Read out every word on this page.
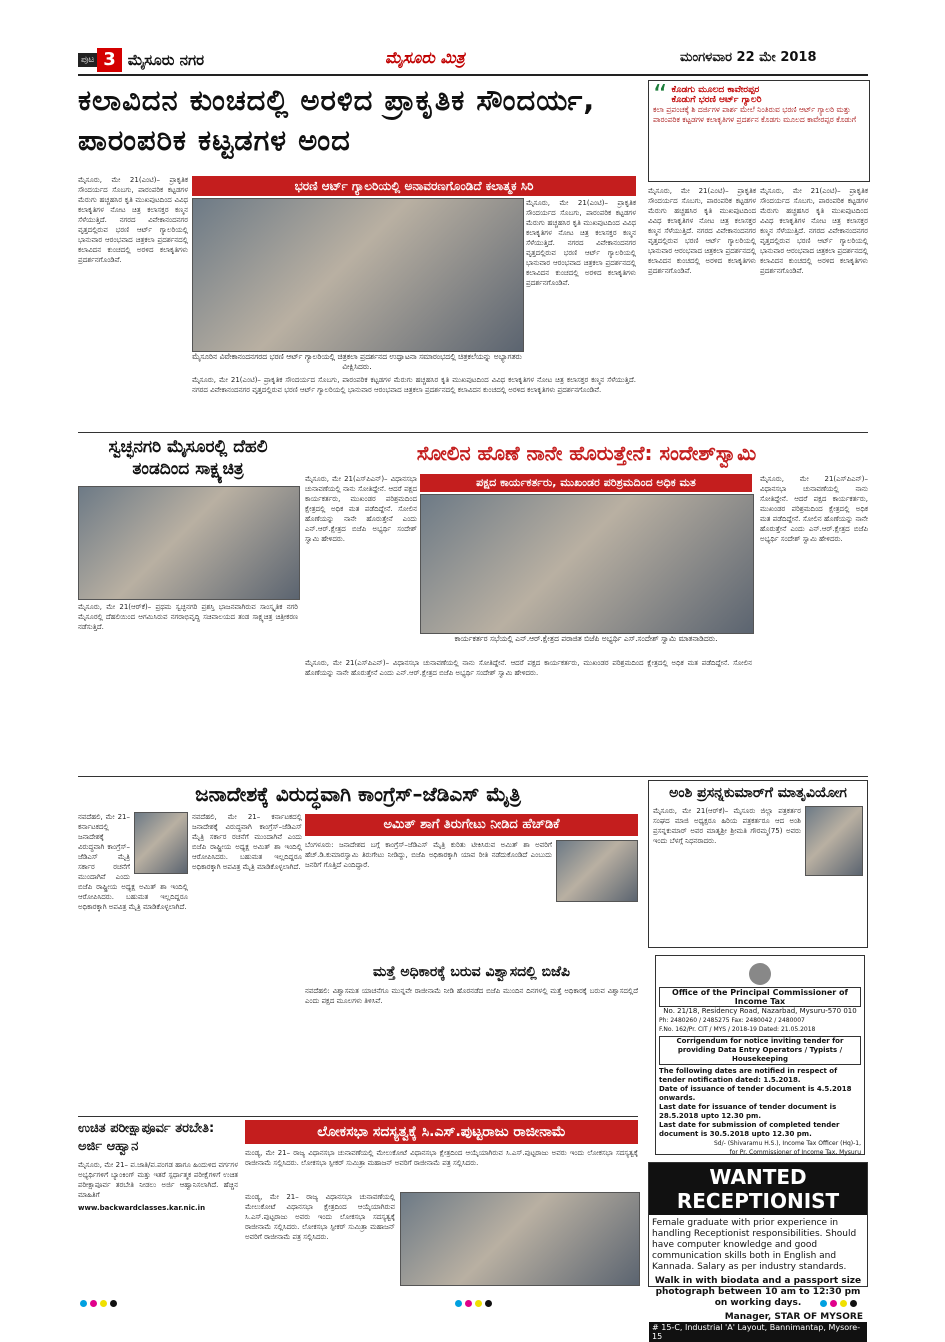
ಪುಟ 3 ಮೈಸೂರು ನಗರ	ಮೈಸೂರು ಮಿತ್ರ	ಮಂಗಳವಾರ 22 ಮೇ 2018
ಕಲಾವಿದನ ಕುಂಚದಲ್ಲಿ ಅರಳಿದ ಪ್ರಾಕೃತಿಕ ಸೌಂದರ್ಯ, ಪಾರಂಪರಿಕ ಕಟ್ಟಡಗಳ ಅಂದ
“ ಕೊಡಗು ಮೂಲದ ಕಾವೇರಪ್ಪರ
ಕೊಡುಗೆ ಭರಣಿ ಆರ್ಟ್ ಗ್ಯಾಲರಿ
ಕಲಾ ಪ್ರಪಂಚಕ್ಕೆ ಶಿ ದರ್ಜಿಗಳ ಪಾರ್ಶ ಮೇಲೆ ನಿಂತಿರುವ ಭರಣಿ ಆರ್ಟ್ ಗ್ಯಾಲರಿ ಮತ್ತು ಪಾರಂಪರಿಕ ಕಟ್ಟಡಗಳ ಕಲಾಕೃತಿಗಳ ಪ್ರದರ್ಶನ ಕೊಡಗು ಮೂಲದ ಕಾವೇರಪ್ಪರ ಕೊಡುಗೆ

ಮೈಸೂರು, ಮೇ 21(ಎಂಟಿ)– ಪ್ರಾಕೃತಿಕ ಸೌಂದರ್ಯದ ಸೊಬಗು, ಪಾರಂಪರಿಕ ಕಟ್ಟಡಗಳ ಮೆರುಗು ಹಚ್ಚಹಸಿರ ಕೃತಿ ಮುಖಪುಟದಿಂದ ವಿವಿಧ ಕಲಾಕೃತಿಗಳ ನೋಟ ಚಿತ್ರ ಕಲಾಸಕ್ತರ ಕಣ್ಮನ ಸೆಳೆಯುತ್ತಿದೆ. ನಗರದ ವಿವೇಕಾನಂದನಗರ ವೃತ್ತದಲ್ಲಿರುವ ಭರಣಿ ಆರ್ಟ್ ಗ್ಯಾಲರಿಯಲ್ಲಿ ಭಾನುವಾರ ಆರಂಭವಾದ ಚಿತ್ರಕಲಾ ಪ್ರದರ್ಶನದಲ್ಲಿ ಕಲಾವಿದನ ಕುಂಚದಲ್ಲಿ ಅರಳಿದ ಕಲಾಕೃತಿಗಳು ಪ್ರದರ್ಶನಗೊಂಡಿವೆ.

ಭರಣಿ ಆರ್ಟ್ ಗ್ಯಾಲರಿಯಲ್ಲಿ ಅನಾವರಣಗೊಂಡಿದೆ ಕಲಾತ್ಮಕ ಸಿರಿ
ಮೈಸೂರಿನ ವಿವೇಕಾನಂದನಗರದ ಭರಣಿ ಆರ್ಟ್ ಗ್ಯಾಲರಿಯಲ್ಲಿ ಚಿತ್ರಕಲಾ ಪ್ರದರ್ಶನದ ಉದ್ಘಾಟನಾ ಸಮಾರಂಭದಲ್ಲಿ ಚಿತ್ರಕಲೆಯನ್ನು ಅಭ್ಯಾಗತರು ವೀಕ್ಷಿಸಿದರು.

ಮೈಸೂರು, ಮೇ 21(ಎಂಟಿ)– ಪ್ರಾಕೃತಿಕ ಸೌಂದರ್ಯದ ಸೊಬಗು, ಪಾರಂಪರಿಕ ಕಟ್ಟಡಗಳ ಮೆರುಗು ಹಚ್ಚಹಸಿರ ಕೃತಿ ಮುಖಪುಟದಿಂದ ವಿವಿಧ ಕಲಾಕೃತಿಗಳ ನೋಟ ಚಿತ್ರ ಕಲಾಸಕ್ತರ ಕಣ್ಮನ ಸೆಳೆಯುತ್ತಿದೆ. ನಗರದ ವಿವೇಕಾನಂದನಗರ ವೃತ್ತದಲ್ಲಿರುವ ಭರಣಿ ಆರ್ಟ್ ಗ್ಯಾಲರಿಯಲ್ಲಿ ಭಾನುವಾರ ಆರಂಭವಾದ ಚಿತ್ರಕಲಾ ಪ್ರದರ್ಶನದಲ್ಲಿ ಕಲಾವಿದನ ಕುಂಚದಲ್ಲಿ ಅರಳಿದ ಕಲಾಕೃತಿಗಳು ಪ್ರದರ್ಶನಗೊಂಡಿವೆ.

ಮೈಸೂರು, ಮೇ 21(ಎಂಟಿ)– ಪ್ರಾಕೃತಿಕ ಸೌಂದರ್ಯದ ಸೊಬಗು, ಪಾರಂಪರಿಕ ಕಟ್ಟಡಗಳ ಮೆರುಗು ಹಚ್ಚಹಸಿರ ಕೃತಿ ಮುಖಪುಟದಿಂದ ವಿವಿಧ ಕಲಾಕೃತಿಗಳ ನೋಟ ಚಿತ್ರ ಕಲಾಸಕ್ತರ ಕಣ್ಮನ ಸೆಳೆಯುತ್ತಿದೆ. ನಗರದ ವಿವೇಕಾನಂದನಗರ ವೃತ್ತದಲ್ಲಿರುವ ಭರಣಿ ಆರ್ಟ್ ಗ್ಯಾಲರಿಯಲ್ಲಿ ಭಾನುವಾರ ಆರಂಭವಾದ ಚಿತ್ರಕಲಾ ಪ್ರದರ್ಶನದಲ್ಲಿ ಕಲಾವಿದನ ಕುಂಚದಲ್ಲಿ ಅರಳಿದ ಕಲಾಕೃತಿಗಳು ಪ್ರದರ್ಶನಗೊಂಡಿವೆ.

ಮೈಸೂರು, ಮೇ 21(ಎಂಟಿ)– ಪ್ರಾಕೃತಿಕ ಸೌಂದರ್ಯದ ಸೊಬಗು, ಪಾರಂಪರಿಕ ಕಟ್ಟಡಗಳ ಮೆರುಗು ಹಚ್ಚಹಸಿರ ಕೃತಿ ಮುಖಪುಟದಿಂದ ವಿವಿಧ ಕಲಾಕೃತಿಗಳ ನೋಟ ಚಿತ್ರ ಕಲಾಸಕ್ತರ ಕಣ್ಮನ ಸೆಳೆಯುತ್ತಿದೆ. ನಗರದ ವಿವೇಕಾನಂದನಗರ ವೃತ್ತದಲ್ಲಿರುವ ಭರಣಿ ಆರ್ಟ್ ಗ್ಯಾಲರಿಯಲ್ಲಿ ಭಾನುವಾರ ಆರಂಭವಾದ ಚಿತ್ರಕಲಾ ಪ್ರದರ್ಶನದಲ್ಲಿ ಕಲಾವಿದನ ಕುಂಚದಲ್ಲಿ ಅರಳಿದ ಕಲಾಕೃತಿಗಳು ಪ್ರದರ್ಶನಗೊಂಡಿವೆ.

ಮೈಸೂರು, ಮೇ 21(ಎಂಟಿ)– ಪ್ರಾಕೃತಿಕ ಸೌಂದರ್ಯದ ಸೊಬಗು, ಪಾರಂಪರಿಕ ಕಟ್ಟಡಗಳ ಮೆರುಗು ಹಚ್ಚಹಸಿರ ಕೃತಿ ಮುಖಪುಟದಿಂದ ವಿವಿಧ ಕಲಾಕೃತಿಗಳ ನೋಟ ಚಿತ್ರ ಕಲಾಸಕ್ತರ ಕಣ್ಮನ ಸೆಳೆಯುತ್ತಿದೆ. ನಗರದ ವಿವೇಕಾನಂದನಗರ ವೃತ್ತದಲ್ಲಿರುವ ಭರಣಿ ಆರ್ಟ್ ಗ್ಯಾಲರಿಯಲ್ಲಿ ಭಾನುವಾರ ಆರಂಭವಾದ ಚಿತ್ರಕಲಾ ಪ್ರದರ್ಶನದಲ್ಲಿ ಕಲಾವಿದನ ಕುಂಚದಲ್ಲಿ ಅರಳಿದ ಕಲಾಕೃತಿಗಳು ಪ್ರದರ್ಶನಗೊಂಡಿವೆ.

ಸ್ವಚ್ಛನಗರಿ ಮೈಸೂರಲ್ಲಿ ದೆಹಲಿ ತಂಡದಿಂದ ಸಾಕ್ಷ್ಯಚಿತ್ರ

ಮೈಸೂರು, ಮೇ 21(ಆರ್‌ಕೆ)– ಪ್ರಥಮ ಸ್ವಚ್ಛನಗರಿ ಪ್ರಶಸ್ತಿ ಭಾಜನವಾಗಿರುವ ಸಾಂಸ್ಕೃತಿಕ ನಗರಿ ಮೈಸೂರಲ್ಲಿ ದೆಹಲಿಯಿಂದ ಆಗಮಿಸಿರುವ ನಗರಾಭಿವೃದ್ಧಿ ಸಚಿವಾಲಯದ ತಂಡ ಸಾಕ್ಷ್ಯಚಿತ್ರ ಚಿತ್ರೀಕರಣ ನಡೆಸುತ್ತಿದೆ.

ಸೋಲಿನ ಹೊಣೆ ನಾನೇ ಹೊರುತ್ತೇನೆ: ಸಂದೇಶ್‌ಸ್ವಾಮಿ

ಮೈಸೂರು, ಮೇ 21(ಎಸ್‌ಪಿಎನ್)– ವಿಧಾನಸಭಾ ಚುನಾವಣೆಯಲ್ಲಿ ನಾನು ಸೋತಿದ್ದೇನೆ. ಆದರೆ ಪಕ್ಷದ ಕಾರ್ಯಕರ್ತರು, ಮುಖಂಡರ ಪರಿಶ್ರಮದಿಂದ ಕ್ಷೇತ್ರದಲ್ಲಿ ಅಧಿಕ ಮತ ಪಡೆದಿದ್ದೇನೆ. ಸೋಲಿನ ಹೊಣೆಯನ್ನು ನಾನೇ ಹೊರುತ್ತೇನೆ ಎಂದು ಎನ್.ಆರ್.ಕ್ಷೇತ್ರದ ಬಿಜೆಪಿ ಅಭ್ಯರ್ಥಿ ಸಂದೇಶ್ ಸ್ವಾಮಿ ಹೇಳಿದರು.

ಪಕ್ಷದ ಕಾರ್ಯಕರ್ತರು, ಮುಖಂಡರ ಪರಿಶ್ರಮದಿಂದ ಅಧಿಕ ಮತ
ಕಾರ್ಯಕರ್ತರ ಸಭೆಯಲ್ಲಿ ಎನ್.ಆರ್.ಕ್ಷೇತ್ರದ ಪರಾಜಿತ ಬಿಜೆಪಿ ಅಭ್ಯರ್ಥಿ ಎಸ್.ಸಂದೇಶ್ ಸ್ವಾಮಿ ಮಾತನಾಡಿದರು.

ಮೈಸೂರು, ಮೇ 21(ಎಸ್‌ಪಿಎನ್)– ವಿಧಾನಸಭಾ ಚುನಾವಣೆಯಲ್ಲಿ ನಾನು ಸೋತಿದ್ದೇನೆ. ಆದರೆ ಪಕ್ಷದ ಕಾರ್ಯಕರ್ತರು, ಮುಖಂಡರ ಪರಿಶ್ರಮದಿಂದ ಕ್ಷೇತ್ರದಲ್ಲಿ ಅಧಿಕ ಮತ ಪಡೆದಿದ್ದೇನೆ. ಸೋಲಿನ ಹೊಣೆಯನ್ನು ನಾನೇ ಹೊರುತ್ತೇನೆ ಎಂದು ಎನ್.ಆರ್.ಕ್ಷೇತ್ರದ ಬಿಜೆಪಿ ಅಭ್ಯರ್ಥಿ ಸಂದೇಶ್ ಸ್ವಾಮಿ ಹೇಳಿದರು.

ಮೈಸೂರು, ಮೇ 21(ಎಸ್‌ಪಿಎನ್)– ವಿಧಾನಸಭಾ ಚುನಾವಣೆಯಲ್ಲಿ ನಾನು ಸೋತಿದ್ದೇನೆ. ಆದರೆ ಪಕ್ಷದ ಕಾರ್ಯಕರ್ತರು, ಮುಖಂಡರ ಪರಿಶ್ರಮದಿಂದ ಕ್ಷೇತ್ರದಲ್ಲಿ ಅಧಿಕ ಮತ ಪಡೆದಿದ್ದೇನೆ. ಸೋಲಿನ ಹೊಣೆಯನ್ನು ನಾನೇ ಹೊರುತ್ತೇನೆ ಎಂದು ಎನ್.ಆರ್.ಕ್ಷೇತ್ರದ ಬಿಜೆಪಿ ಅಭ್ಯರ್ಥಿ ಸಂದೇಶ್ ಸ್ವಾಮಿ ಹೇಳಿದರು.

ಜನಾದೇಶಕ್ಕೆ ವಿರುದ್ಧವಾಗಿ ಕಾಂಗ್ರೆಸ್–ಜೆಡಿಎಸ್ ಮೈತ್ರಿ

ನವದೆಹಲಿ, ಮೇ 21– ಕರ್ನಾಟಕದಲ್ಲಿ ಜನಾದೇಶಕ್ಕೆ ವಿರುದ್ಧವಾಗಿ ಕಾಂಗ್ರೆಸ್–ಜೆಡಿಎಸ್ ಮೈತ್ರಿ ಸರ್ಕಾರ ರಚನೆಗೆ ಮುಂದಾಗಿವೆ ಎಂದು ಬಿಜೆಪಿ ರಾಷ್ಟ್ರೀಯ ಅಧ್ಯಕ್ಷ ಅಮಿತ್ ಶಾ ಇಂದಿಲ್ಲಿ ಆರೋಪಿಸಿದರು. ಬಹುಮತ ಇಲ್ಲದಿದ್ದರೂ ಅಧಿಕಾರಕ್ಕಾಗಿ ಅಪವಿತ್ರ ಮೈತ್ರಿ ಮಾಡಿಕೊಳ್ಳಲಾಗಿದೆ.

ನವದೆಹಲಿ, ಮೇ 21– ಕರ್ನಾಟಕದಲ್ಲಿ ಜನಾದೇಶಕ್ಕೆ ವಿರುದ್ಧವಾಗಿ ಕಾಂಗ್ರೆಸ್–ಜೆಡಿಎಸ್ ಮೈತ್ರಿ ಸರ್ಕಾರ ರಚನೆಗೆ ಮುಂದಾಗಿವೆ ಎಂದು ಬಿಜೆಪಿ ರಾಷ್ಟ್ರೀಯ ಅಧ್ಯಕ್ಷ ಅಮಿತ್ ಶಾ ಇಂದಿಲ್ಲಿ ಆರೋಪಿಸಿದರು. ಬಹುಮತ ಇಲ್ಲದಿದ್ದರೂ ಅಧಿಕಾರಕ್ಕಾಗಿ ಅಪವಿತ್ರ ಮೈತ್ರಿ ಮಾಡಿಕೊಳ್ಳಲಾಗಿದೆ.

ಅಮಿತ್ ಶಾಗೆ ತಿರುಗೇಟು ನೀಡಿದ ಹೆಚ್‌ಡಿಕೆ

ಬೆಂಗಳೂರು: ಜನಾದೇಶದ ಬಗ್ಗೆ ಕಾಂಗ್ರೆಸ್–ಜೆಡಿಎಸ್ ಮೈತ್ರಿ ಕುರಿತು ಟೀಕಿಸಿರುವ ಅಮಿತ್ ಶಾ ಅವರಿಗೆ ಹೆಚ್.ಡಿ.ಕುಮಾರಸ್ವಾಮಿ ತಿರುಗೇಟು ನೀಡಿದ್ದು, ಬಿಜೆಪಿ ಅಧಿಕಾರಕ್ಕಾಗಿ ಯಾವ ರೀತಿ ನಡೆದುಕೊಂಡಿದೆ ಎಂಬುದು ಜನರಿಗೆ ಗೊತ್ತಿದೆ ಎಂದಿದ್ದಾರೆ.

ಅಂಶಿ ಪ್ರಸನ್ನಕುಮಾರ್‌ಗೆ ಮಾತೃವಿಯೋಗ

ಮೈಸೂರು, ಮೇ 21(ಆರ್‌ಕೆ)– ಮೈಸೂರು ಜಿಲ್ಲಾ ಪತ್ರಕರ್ತರ ಸಂಘದ ಮಾಜಿ ಅಧ್ಯಕ್ಷರೂ ಹಿರಿಯ ಪತ್ರಕರ್ತರೂ ಆದ ಅಂಶಿ ಪ್ರಸನ್ನಕುಮಾರ್ ಅವರ ಮಾತೃಶ್ರೀ ಶ್ರೀಮತಿ ಗೌರಮ್ಮ(75) ಅವರು ಇಂದು ಬೆಳಗ್ಗೆ ನಿಧನರಾದರು.

ಮತ್ತೆ ಅಧಿಕಾರಕ್ಕೆ ಬರುವ ವಿಶ್ವಾಸದಲ್ಲಿ ಬಿಜೆಪಿ

ನವದೆಹಲಿ: ವಿಶ್ವಾಸಮತ ಯಾಚನೆಗೂ ಮುನ್ನವೇ ರಾಜೀನಾಮೆ ನೀಡಿ ಹೊರನಡೆದ ಬಿಜೆಪಿ ಮುಂದಿನ ದಿನಗಳಲ್ಲಿ ಮತ್ತೆ ಅಧಿಕಾರಕ್ಕೆ ಬರುವ ವಿಶ್ವಾಸದಲ್ಲಿದೆ ಎಂದು ಪಕ್ಷದ ಮೂಲಗಳು ತಿಳಿಸಿವೆ.

Office of the Principal Commissioner of Income Tax
No. 21/18, Residency Road, Nazarbad, Mysuru-570 010
Ph: 2480260 / 2485275 Fax: 2480042 / 2480007
F.No. 162/Pr. CIT / MYS / 2018-19 Dated: 21.05.2018
Corrigendum for notice inviting tender for providing Data Entry Operators / Typists / Housekeeping
The following dates are notified in respect of tender notification dated: 1.5.2018.
Date of issuance of tender document is 4.5.2018 onwards.
Last date for issuance of tender document is 28.5.2018 upto 12.30 pm.
Last date for submission of completed tender document is 30.5.2018 upto 12.30 pm.
Sd/- (Shivaramu H.S.), Income Tax Officer (Hq)-1,
for Pr. Commissioner of Income Tax, Mysuru
ಉಚಿತ ಪರೀಕ್ಷಾಪೂರ್ವ ತರಬೇತಿ: ಅರ್ಜಿ ಆಹ್ವಾನ

ಮೈಸೂರು, ಮೇ 21– ಪ.ಜಾತಿ/ಪ.ಪಂಗಡ ಹಾಗೂ ಹಿಂದುಳಿದ ವರ್ಗಗಳ ಅಭ್ಯರ್ಥಿಗಳಿಗೆ ಬ್ಯಾಂಕಿಂಗ್ ಮತ್ತು ಇತರೆ ಸ್ಪರ್ಧಾತ್ಮಕ ಪರೀಕ್ಷೆಗಳಿಗೆ ಉಚಿತ ಪರೀಕ್ಷಾಪೂರ್ವ ತರಬೇತಿ ನೀಡಲು ಅರ್ಜಿ ಆಹ್ವಾನಿಸಲಾಗಿದೆ. ಹೆಚ್ಚಿನ ಮಾಹಿತಿಗೆ

www.backwardclasses.kar.nic.in

ಲೋಕಸಭಾ ಸದಸ್ಯತ್ವಕ್ಕೆ ಸಿ.ಎಸ್.ಪುಟ್ಟರಾಜು ರಾಜೀನಾಮೆ

ಮಂಡ್ಯ, ಮೇ 21– ರಾಜ್ಯ ವಿಧಾನಸಭಾ ಚುನಾವಣೆಯಲ್ಲಿ ಮೇಲುಕೋಟೆ ವಿಧಾನಸಭಾ ಕ್ಷೇತ್ರದಿಂದ ಆಯ್ಕೆಯಾಗಿರುವ ಸಿ.ಎಸ್.ಪುಟ್ಟರಾಜು ಅವರು ಇಂದು ಲೋಕಸಭಾ ಸದಸ್ಯತ್ವಕ್ಕೆ ರಾಜೀನಾಮೆ ಸಲ್ಲಿಸಿದರು. ಲೋಕಸಭಾ ಸ್ಪೀಕರ್ ಸುಮಿತ್ರಾ ಮಹಾಜನ್ ಅವರಿಗೆ ರಾಜೀನಾಮೆ ಪತ್ರ ಸಲ್ಲಿಸಿದರು.

ಮಂಡ್ಯ, ಮೇ 21– ರಾಜ್ಯ ವಿಧಾನಸಭಾ ಚುನಾವಣೆಯಲ್ಲಿ ಮೇಲುಕೋಟೆ ವಿಧಾನಸಭಾ ಕ್ಷೇತ್ರದಿಂದ ಆಯ್ಕೆಯಾಗಿರುವ ಸಿ.ಎಸ್.ಪುಟ್ಟರಾಜು ಅವರು ಇಂದು ಲೋಕಸಭಾ ಸದಸ್ಯತ್ವಕ್ಕೆ ರಾಜೀನಾಮೆ ಸಲ್ಲಿಸಿದರು. ಲೋಕಸಭಾ ಸ್ಪೀಕರ್ ಸುಮಿತ್ರಾ ಮಹಾಜನ್ ಅವರಿಗೆ ರಾಜೀನಾಮೆ ಪತ್ರ ಸಲ್ಲಿಸಿದರು.

WANTED RECEPTIONIST
Female graduate with prior experience in handling Receptionist responsibilities. Should have computer knowledge and good communication skills both in English and Kannada. Salary as per industry standards.
Walk in with biodata and a passport size photograph between 10 am to 12:30 pm on working days.
Manager, STAR OF MYSORE
# 15-C, Industrial 'A' Layout, Bannimantap, Mysore-15
